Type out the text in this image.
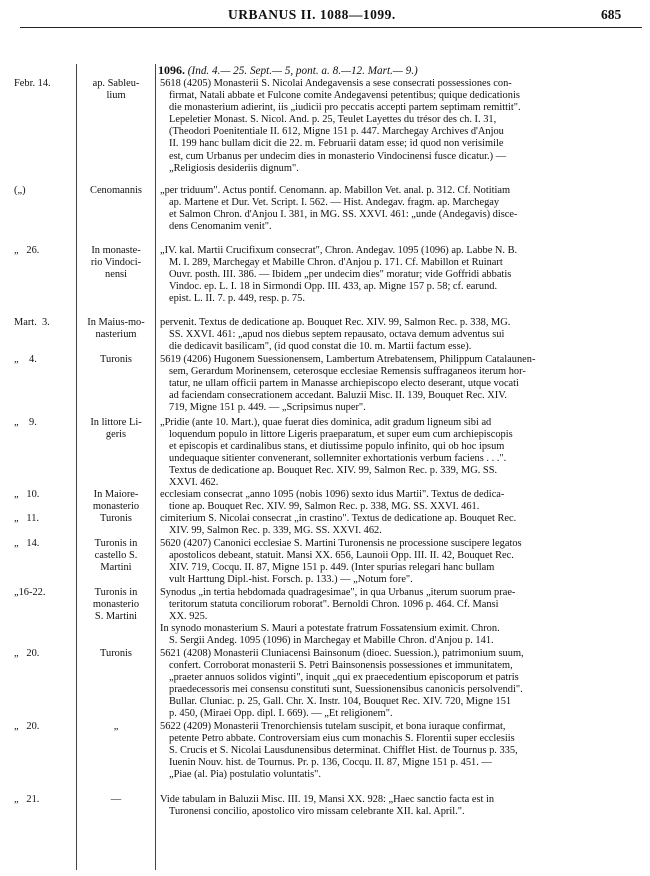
URBANUS II. 1088—1099.	685
1096. (Ind. 4.— 25. Sept.— 5, pont. a. 8.—12. Mart.— 9.)
Febr. 14.	ap. Sableu-
lium
5618 (4205) Monasterii S. Nicolai Andegavensis a sese consecrati possessiones con-
firmat, Natali abbate et Fulcone comite Andegavensi petentibus; quique dedicationis
die monasterium adierint, iis „iudicii pro peccatis accepti partem septimam remittit".
Lepeletier Monast. S. Nicol. And. p. 25, Teulet Layettes du trésor des ch. I. 31,
(Theodori Poenitentiale II. 612, Migne 151 p. 447. Marchegay Archives d'Anjou
II. 199 hanc bullam dicit die 22. m. Februarii datam esse; id quod non verisimile
est, cum Urbanus per undecim dies in monasterio Vindocinensi fusce dicatur.) —
„Religiosis desideriis dignum".
(„)	Cenomannis	„per triduum". Actus pontif. Cenomann. ap. Mabillon Vet. anal. p. 312. Cf. Notitiam
ap. Martene et Dur. Vet. Script. I. 562. — Hist. Andegav. fragm. ap. Marchegay
et Salmon Chron. d'Anjou I. 381, in MG. SS. XXVI. 461: „unde (Andegavis) disce-
dens Cenomanim venit".
„   26.	In monaste-
rio Vindoci-
nensi
„IV. kal. Martii Crucifixum consecrat", Chron. Andegav. 1095 (1096) ap. Labbe N. B.
M. I. 289, Marchegay et Mabille Chron. d'Anjou p. 171. Cf. Mabillon et Ruinart
Ouvr. posth. III. 386. — Ibidem „per undecim dies" moratur; vide Goffridi abbatis
Vindoc. ep. L. I. 18 in Sirmondi Opp. III. 433, ap. Migne 157 p. 58; cf. earund.
epist. L. II. 7. p. 449, resp. p. 75.
Mart.  3.	In Maius-mo-
nasterium
pervenit. Textus de dedicatione ap. Bouquet Rec. XIV. 99, Salmon Rec. p. 338, MG.
SS. XXVI. 461: „apud nos diebus septem repausato, octava demum adventus sui
die dedicavit basilicam", (id quod constat die 10. m. Martii factum esse).
„    4.	Turonis	5619 (4206) Hugonem Suessionensem, Lambertum Atrebatensem, Philippum Catalaunen-
sem, Gerardum Morinensem, ceterosque ecclesiae Remensis suffraganeos iterum hor-
tatur, ne ullam officii partem in Manasse archiepiscopo electo deserant, utque vocati
ad faciendam consecrationem accedant. Baluzii Misc. II. 139, Bouquet Rec. XIV.
719, Migne 151 p. 449. — „Scripsimus nuper".
„    9.	In littore Li-
geris
„Pridie (ante 10. Mart.), quae fuerat dies dominica, adit gradum ligneum sibi ad
loquendum populo in littore Ligeris praeparatum, et super eum cum archiepiscopis
et episcopis et cardinalibus stans, et diutissime populo infinito, qui ob hoc ipsum
undequaque sitienter convenerant, sollemniter exhortationis verbum faciens . . .".
Textus de dedicatione ap. Bouquet Rec. XIV. 99, Salmon Rec. p. 339, MG. SS.
XXVI. 462.
„   10.	In Maiore-
monasterio
ecclesiam consecrat „anno 1095 (nobis 1096) sexto idus Martii". Textus de dedica-
tione ap. Bouquet Rec. XIV. 99, Salmon Rec. p. 338, MG. SS. XXVI. 461.
„   11.	Turonis	cimiterium S. Nicolai consecrat „in crastino". Textus de dedicatione ap. Bouquet Rec.
XIV. 99, Salmon Rec. p. 339, MG. SS. XXVI. 462.
„   14.	Turonis in
castello S.
Martini
5620 (4207) Canonici ecclesiae S. Martini Turonensis ne processione suscipere legatos
apostolicos debeant, statuit. Mansi XX. 656, Launoii Opp. III. II. 42, Bouquet Rec.
XIV. 719, Cocqu. II. 87, Migne 151 p. 449. (Inter spurias relegari hanc bullam
vult Harttung Dipl.-hist. Forsch. p. 133.) — „Notum fore".
„16-22.	Turonis in
monasterio
S. Martini
Synodus „in tertia hebdomada quadragesimae", in qua Urbanus „iterum suorum prae-
teritorum statuta conciliorum roborat". Bernoldi Chron. 1096 p. 464. Cf. Mansi
XX. 925.
In synodo monasterium S. Mauri a potestate fratrum Fossatensium eximit. Chron.
S. Sergii Andeg. 1095 (1096) in Marchegay et Mabille Chron. d'Anjou p. 141.
„   20.	Turonis	5621 (4208) Monasterii Cluniacensi Bainsonum (dioec. Suession.), patrimonium suum,
confert. Corroborat monasterii S. Petri Bainsonensis possessiones et immunitatem,
„praeter annuos solidos viginti", inquit „qui ex praecedentium episcoporum et patris
praedecessoris mei consensu constituti sunt, Suessionensibus canonicis persolvendi".
Bullar. Cluniac. p. 25, Gall. Chr. X. Instr. 104, Bouquet Rec. XIV. 720, Migne 151
p. 450, (Miraei Opp. dipl. I. 669). — „Et religionem".
„   20.	„	5622 (4209) Monasterii Trenorchiensis tutelam suscipit, et bona iuraque confirmat,
petente Petro abbate. Controversiam eius cum monachis S. Florentii super ecclesiis
S. Crucis et S. Nicolai Lausdunensibus determinat. Chifflet Hist. de Tournus p. 335,
Iuenin Nouv. hist. de Tournus. Pr. p. 136, Cocqu. II. 87, Migne 151 p. 451. —
„Piae (al. Pia) postulatio voluntatis".
„   21.	—	Vide tabulam in Baluzii Misc. III. 19, Mansi XX. 928: „Haec sanctio facta est in
Turonensi concilio, apostolico viro missam celebrante XII. kal. April.".
